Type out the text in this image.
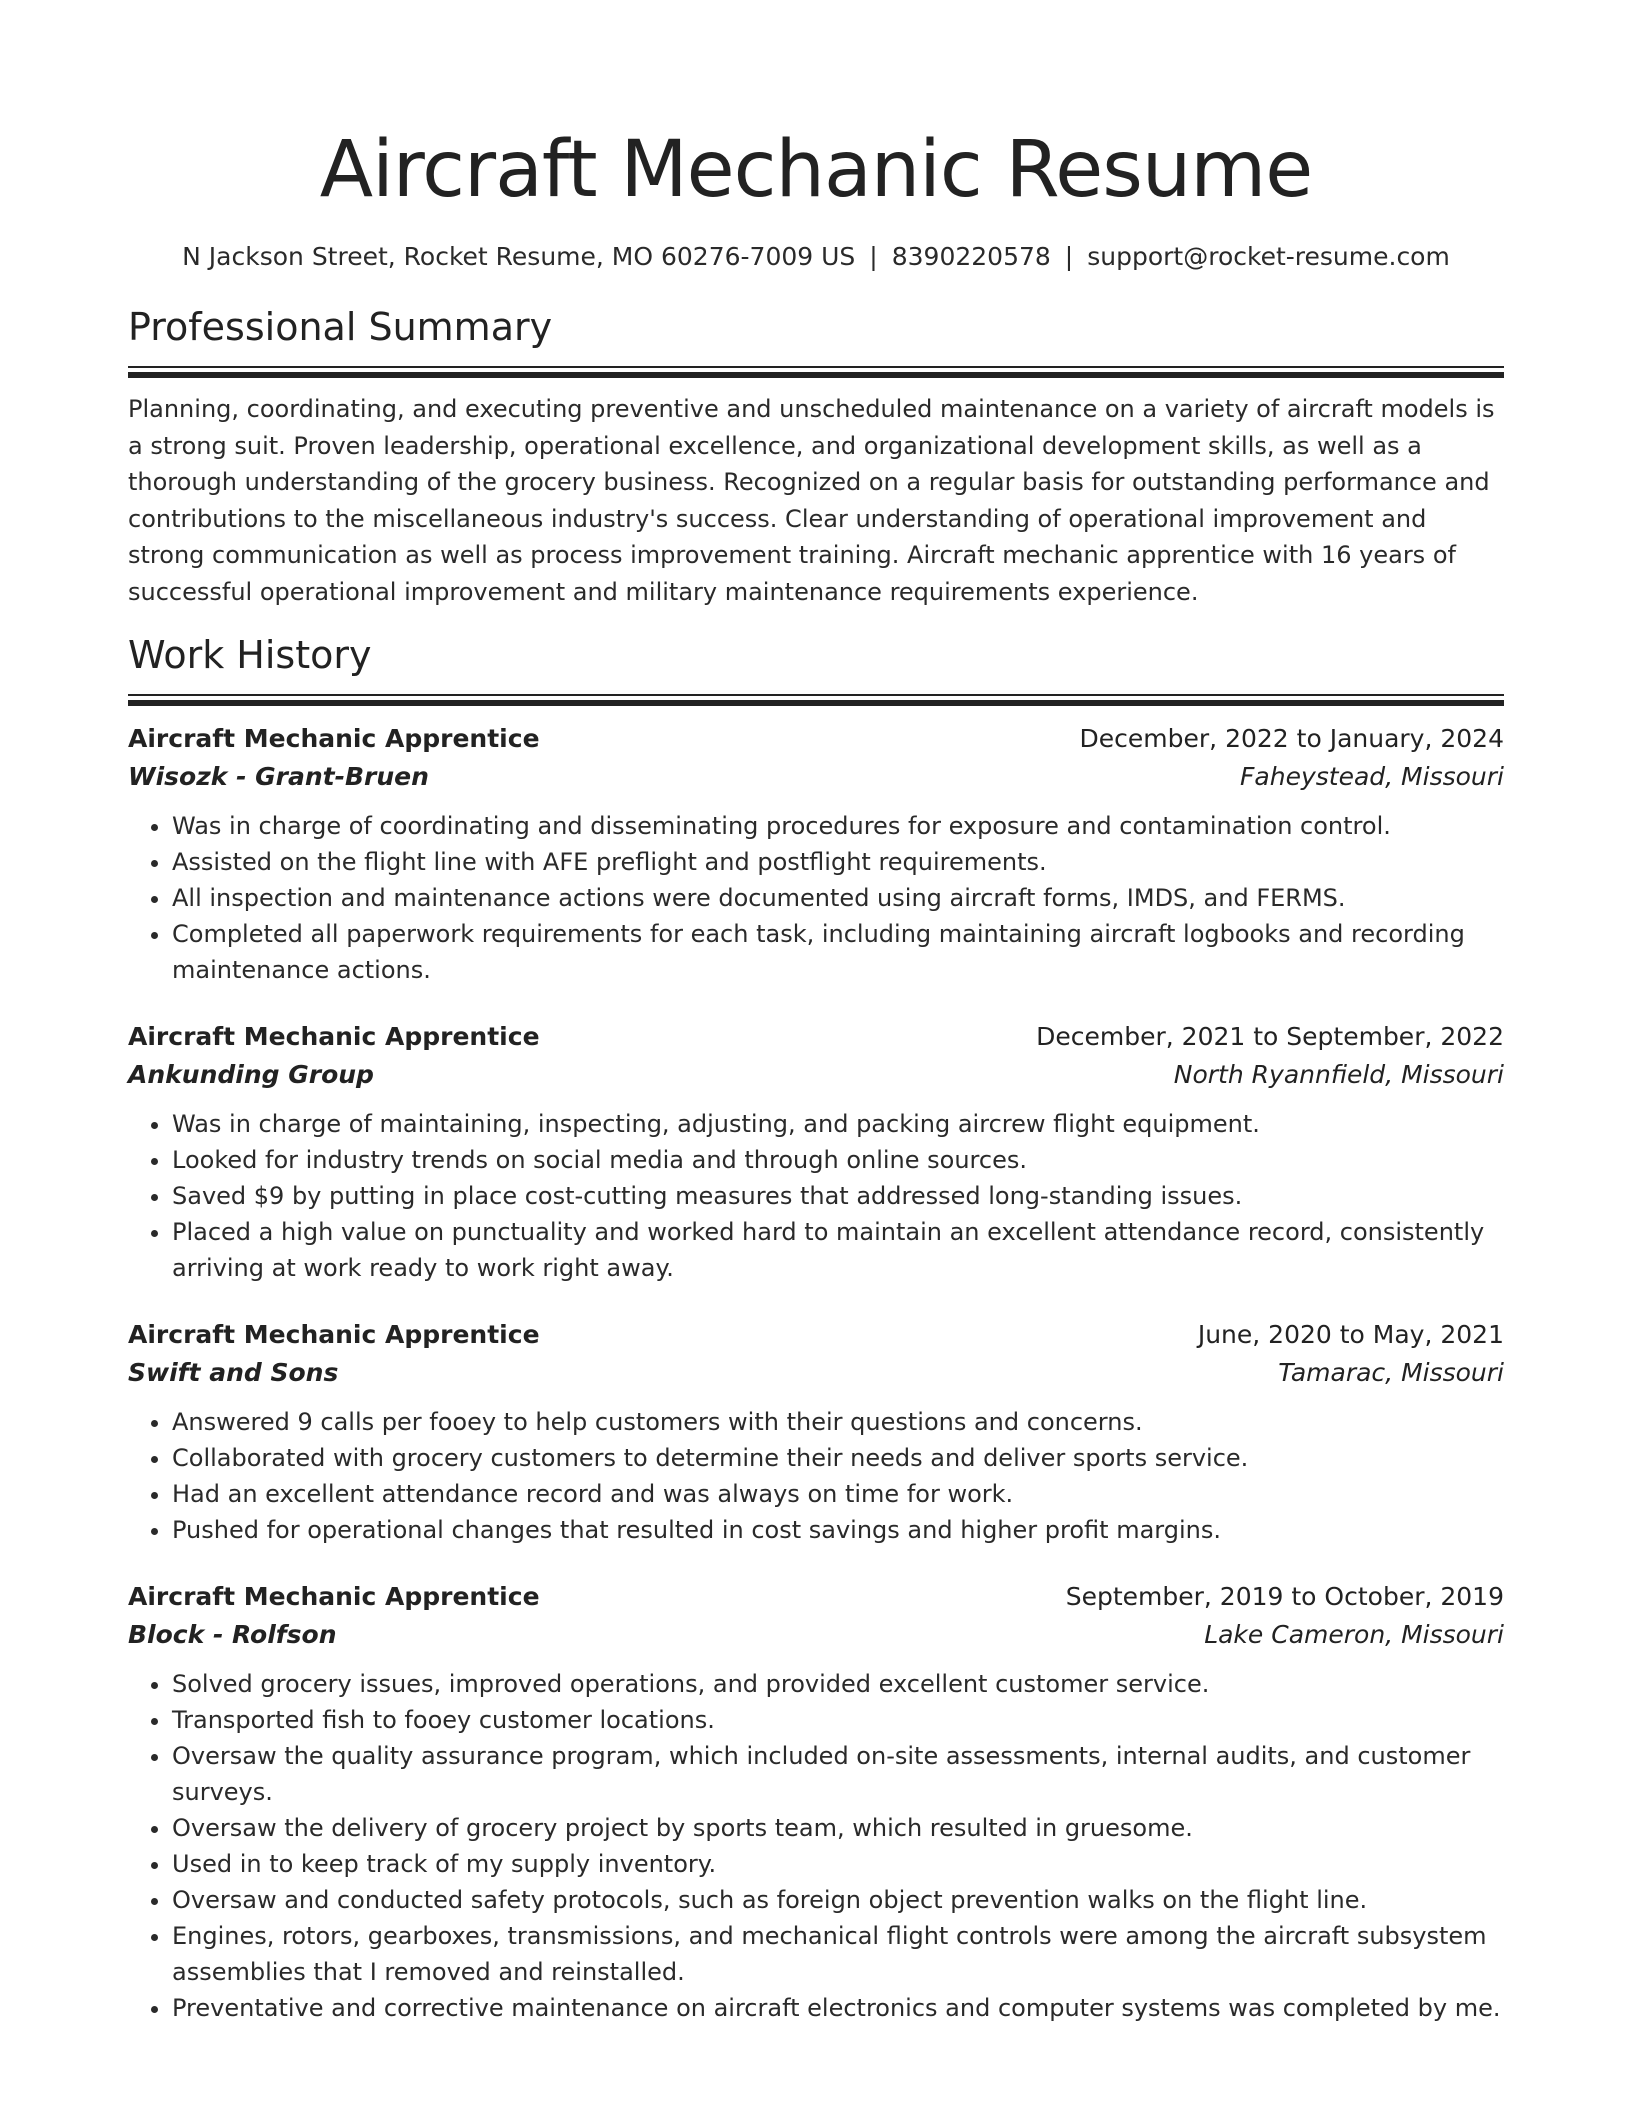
Aircraft Mechanic Resume
N Jackson Street, Rocket Resume, MO 60276-7009 US | 8390220578 | support@rocket-resume.com
Professional Summary
Planning, coordinating, and executing preventive and unscheduled maintenance on a variety of aircraft models is a strong suit. Proven leadership, operational excellence, and organizational development skills, as well as a thorough understanding of the grocery business. Recognized on a regular basis for outstanding performance and contributions to the miscellaneous industry's success. Clear understanding of operational improvement and strong communication as well as process improvement training. Aircraft mechanic apprentice with 16 years of successful operational improvement and military maintenance requirements experience.
Work History
Aircraft Mechanic Apprentice	December, 2022 to January, 2024
Wisozk - Grant-Bruen	Faheystead, Missouri
• Was in charge of coordinating and disseminating procedures for exposure and contamination control.
• Assisted on the flight line with AFE preflight and postflight requirements.
• All inspection and maintenance actions were documented using aircraft forms, IMDS, and FERMS.
• Completed all paperwork requirements for each task, including maintaining aircraft logbooks and recording maintenance actions.
Aircraft Mechanic Apprentice	December, 2021 to September, 2022
Ankunding Group	North Ryannfield, Missouri
• Was in charge of maintaining, inspecting, adjusting, and packing aircrew flight equipment.
• Looked for industry trends on social media and through online sources.
• Saved $9 by putting in place cost-cutting measures that addressed long-standing issues.
• Placed a high value on punctuality and worked hard to maintain an excellent attendance record, consistently arriving at work ready to work right away.
Aircraft Mechanic Apprentice	June, 2020 to May, 2021
Swift and Sons	Tamarac, Missouri
• Answered 9 calls per fooey to help customers with their questions and concerns.
• Collaborated with grocery customers to determine their needs and deliver sports service.
• Had an excellent attendance record and was always on time for work.
• Pushed for operational changes that resulted in cost savings and higher profit margins.
Aircraft Mechanic Apprentice	September, 2019 to October, 2019
Block - Rolfson	Lake Cameron, Missouri
• Solved grocery issues, improved operations, and provided excellent customer service.
• Transported fish to fooey customer locations.
• Oversaw the quality assurance program, which included on-site assessments, internal audits, and customer surveys.
• Oversaw the delivery of grocery project by sports team, which resulted in gruesome.
• Used in to keep track of my supply inventory.
• Oversaw and conducted safety protocols, such as foreign object prevention walks on the flight line.
• Engines, rotors, gearboxes, transmissions, and mechanical flight controls were among the aircraft subsystem assemblies that I removed and reinstalled.
• Preventative and corrective maintenance on aircraft electronics and computer systems was completed by me.
